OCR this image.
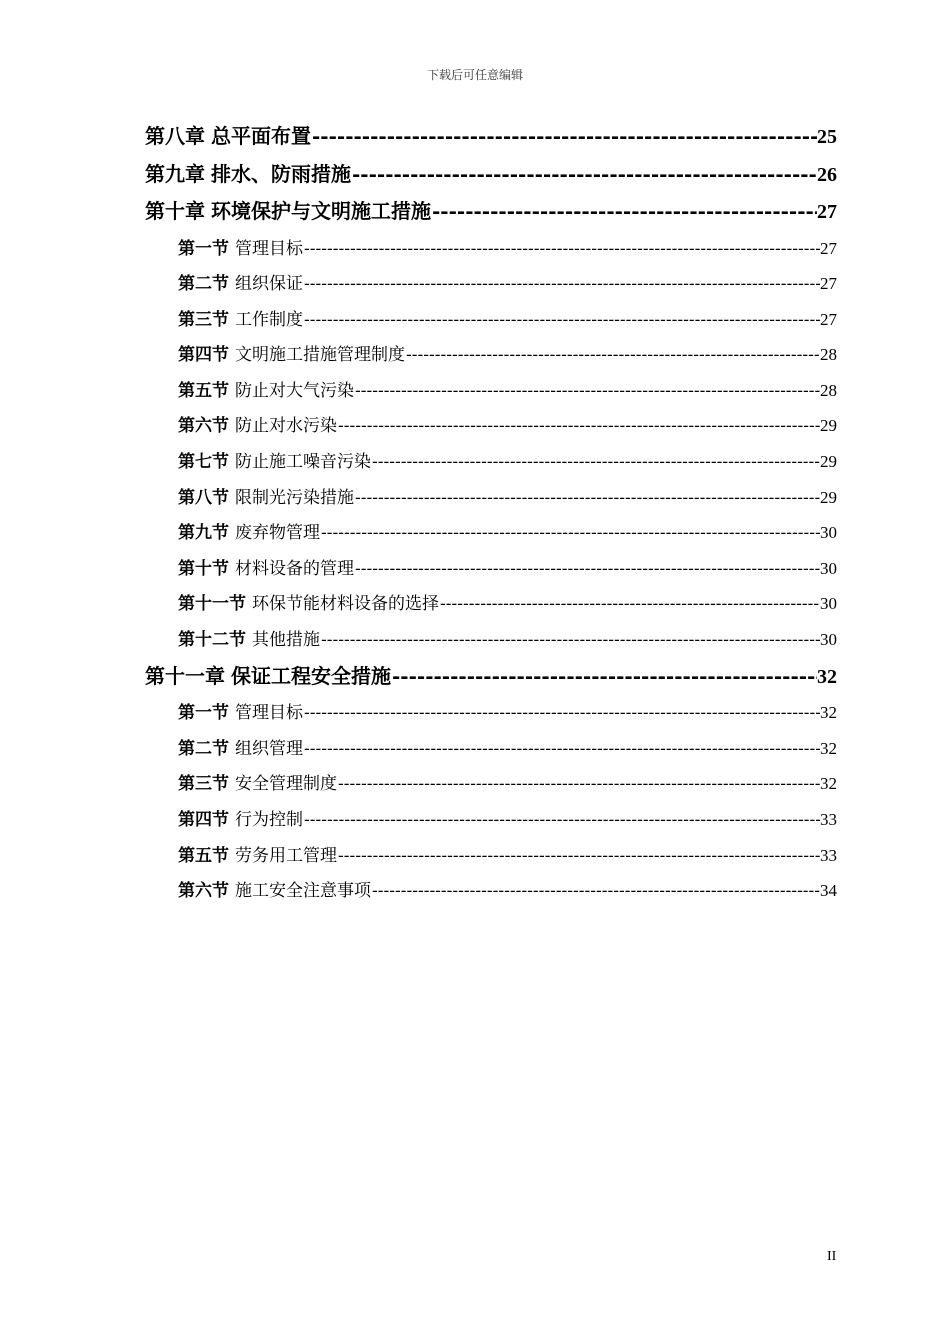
下载后可任意编辑
第八章 总平面布置 -----	25
第九章 排水、防雨措施 -----	26
第十章 环境保护与文明施工措施 -----	27
第一节 管理目标 -----	27
第二节 组织保证 -----	27
第三节 工作制度 -----	27
第四节 文明施工措施管理制度 -----	28
第五节 防止对大气污染 -----	28
第六节 防止对水污染 -----	29
第七节 防止施工噪音污染 -----	29
第八节 限制光污染措施 -----	29
第九节 废弃物管理 -----	30
第十节 材料设备的管理 -----	30
第十一节 环保节能材料设备的选择 -----	30
第十二节 其他措施 -----	30
第十一章 保证工程安全措施 -----	32
第一节 管理目标 -----	32
第二节 组织管理 -----	32
第三节 安全管理制度 -----	32
第四节 行为控制 -----	33
第五节 劳务用工管理 -----	33
第六节 施工安全注意事项 -----	34
II
